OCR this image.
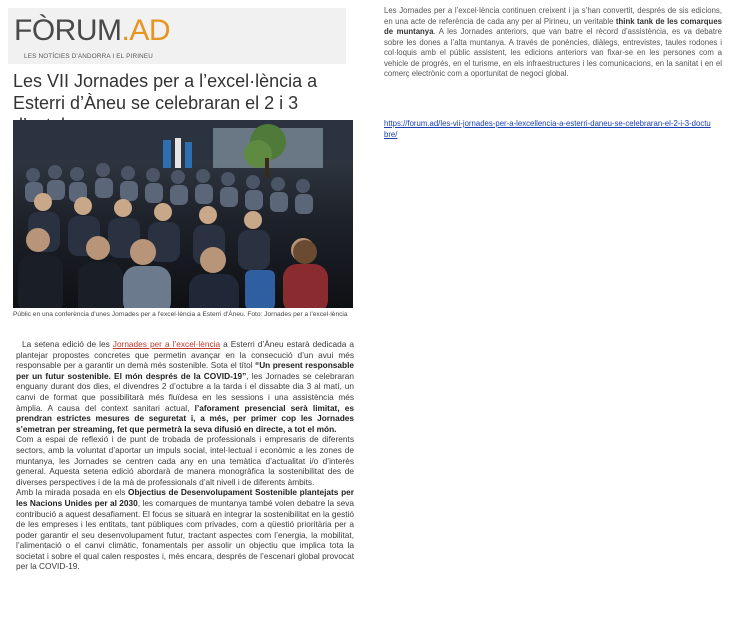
FÒRUM.AD
LES NOTÍCIES D'ANDORRA I EL PIRINEU
Les VII Jornades per a l’excel·lència a Esterri d’Àneu se celebraran el 2 i 3
Públic en una conferència d'unes Jornades per a l'excel·lència a Esterri d'Àneu. Foto: Jornades per a l'excel·lència

La setena edició de les Jornades per a l’excel·lència a Esterri d’Àneu estarà dedicada a plantejar propostes concretes que permetin avançar en la consecució d’un avui més responsable per a garantir un demà més sostenible. Sota el títol “Un present responsable per un futur sostenible. El món després de la COVID-19”, les Jornades se celebraran enguany durant dos dies, el divendres 2 d’octubre a la tarda i el dissabte dia 3 al matí, un canvi de format que possibilitarà més fluïdesa en les sessions i una assistència més àmplia. A causa del context sanitari actual, l’aforament presencial serà limitat, es prendran estrictes mesures de seguretat i, a més, per primer cop les Jornades s’emetran per streaming, fet que permetrà la seva difusió en directe, a tot el món.

Com a espai de reflexió i de punt de trobada de professionals i empresaris de diferents sectors, amb la voluntat d’aportar un impuls social, intel·lectual i econòmic a les zones de muntanya, les Jornades se centren cada any en una temàtica d’actualitat i/o d’interès general. Aquesta setena edició abordarà de manera monogràfica la sostenibilitat des de diverses perspectives i de la mà de professionals d’alt nivell i de diferents àmbits.

Amb la mirada posada en els Objectius de Desenvolupament Sostenible plantejats per les Nacions Unides per al 2030, les comarques de muntanya també volen debatre la seva contribució a aquest desafiament. El focus se situarà en integrar la sostenibilitat en la gestió de les empreses i les entitats, tant públiques com privades, com a qüestió prioritària per a poder garantir el seu desenvolupament futur, tractant aspectes com l’energia, la mobilitat, l’alimentació o el canvi climàtic, fonamentals per assolir un objectiu que implica tota la societat i sobre el qual calen respostes i, més encara, després de l’escenari global provocat per la COVID-19.

Les Jornades per a l’excel·lència continuen creixent i ja s’han convertit, després de sis edicions, en una acte de referència de cada any per al Pirineu, un veritable think tank de les comarques de muntanya. A les Jornades anteriors, que van batre el rècord d’assistència, es va debatre sobre les dones a l’alta muntanya. A través de ponències, diàlegs, entrevistes, taules rodones i col·loquis amb el públic assistent, les edicions anteriors van fixar-se en les persones com a vehicle de progrés, en el turisme, en els infraestructures i les comunicacions, en la sanitat i en el comerç electrònic com a oportunitat de negoci global.
https://forum.ad/les-vii-jornades-per-a-lexcellencia-a-esterri-daneu-se-celebraran-el-2-i-3-doctubre/
